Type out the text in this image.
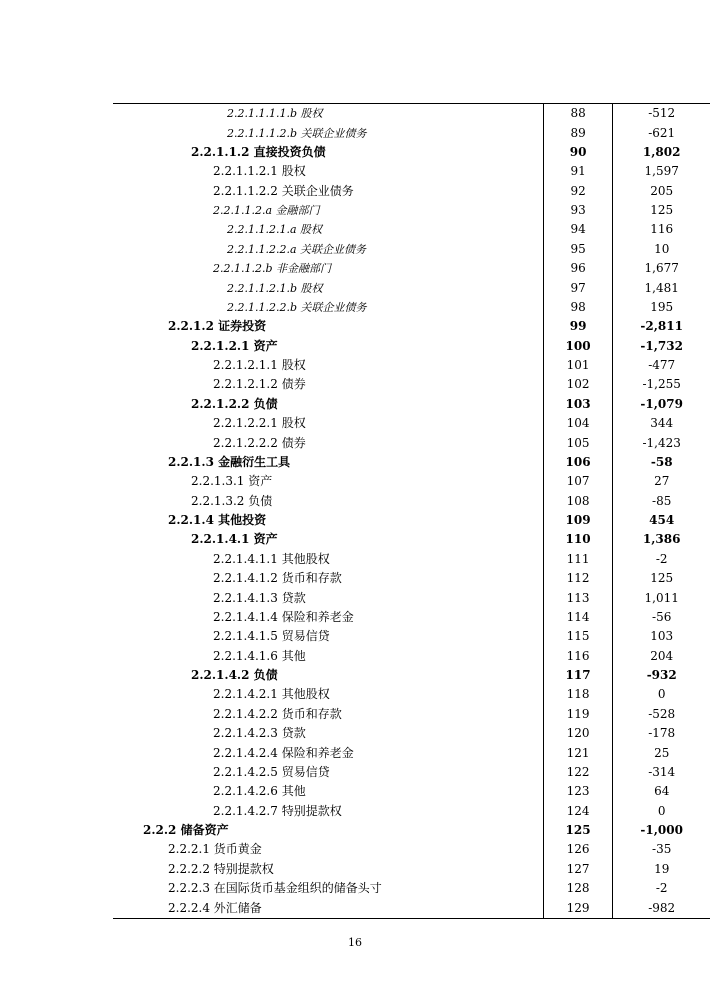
2.2.1.1.1.1.b 股权	88	-512
2.2.1.1.1.2.b 关联企业债务	89	-621
2.2.1.1.2 直接投资负债	90	1,802
2.2.1.1.2.1 股权	91	1,597
2.2.1.1.2.2 关联企业债务	92	205
2.2.1.1.2.a 金融部门	93	125
2.2.1.1.2.1.a 股权	94	116
2.2.1.1.2.2.a 关联企业债务	95	10
2.2.1.1.2.b 非金融部门	96	1,677
2.2.1.1.2.1.b 股权	97	1,481
2.2.1.1.2.2.b 关联企业债务	98	195
2.2.1.2 证券投资	99	-2,811
2.2.1.2.1 资产	100	-1,732
2.2.1.2.1.1 股权	101	-477
2.2.1.2.1.2 债券	102	-1,255
2.2.1.2.2 负债	103	-1,079
2.2.1.2.2.1 股权	104	344
2.2.1.2.2.2 债券	105	-1,423
2.2.1.3 金融衍生工具	106	-58
2.2.1.3.1 资产	107	27
2.2.1.3.2 负债	108	-85
2.2.1.4 其他投资	109	454
2.2.1.4.1 资产	110	1,386
2.2.1.4.1.1 其他股权	111	-2
2.2.1.4.1.2 货币和存款	112	125
2.2.1.4.1.3 贷款	113	1,011
2.2.1.4.1.4 保险和养老金	114	-56
2.2.1.4.1.5 贸易信贷	115	103
2.2.1.4.1.6 其他	116	204
2.2.1.4.2 负债	117	-932
2.2.1.4.2.1 其他股权	118	0
2.2.1.4.2.2 货币和存款	119	-528
2.2.1.4.2.3 贷款	120	-178
2.2.1.4.2.4 保险和养老金	121	25
2.2.1.4.2.5 贸易信贷	122	-314
2.2.1.4.2.6 其他	123	64
2.2.1.4.2.7 特别提款权	124	0
2.2.2 储备资产	125	-1,000
2.2.2.1 货币黄金	126	-35
2.2.2.2 特别提款权	127	19
2.2.2.3 在国际货币基金组织的储备头寸	128	-2
2.2.2.4 外汇储备	129	-982
16
